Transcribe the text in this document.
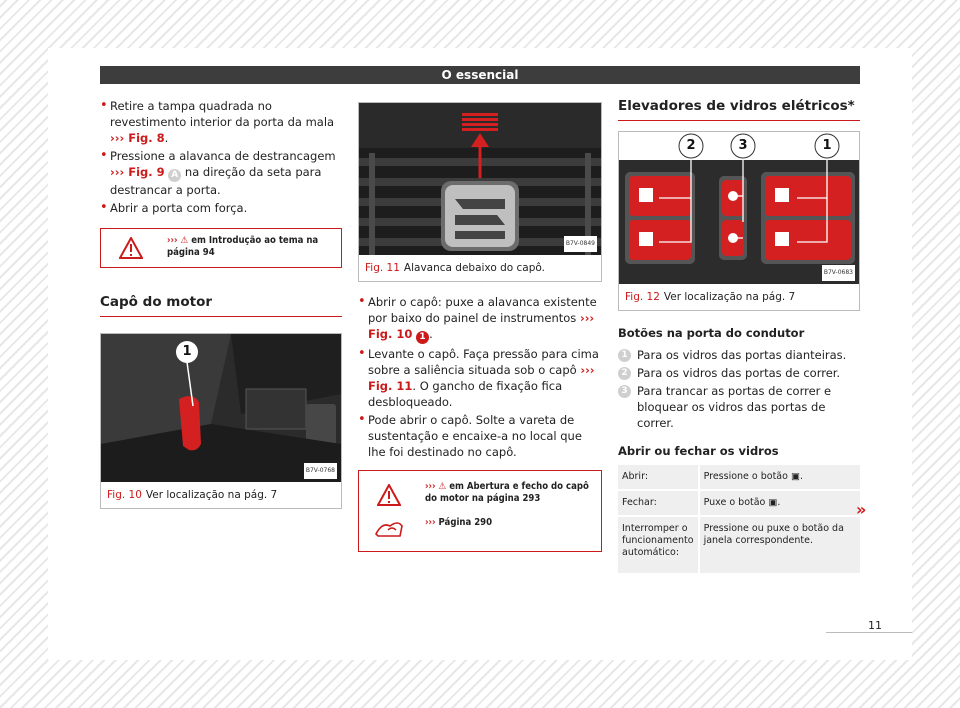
O essencial
• Retire a tampa quadrada no revestimento interior da porta da mala ››› Fig. 8.
• Pressione a alavanca de destrancagem ››› Fig. 9 A na direção da seta para destrancar a porta.
• Abrir a porta com força.

››› ⚠ em Introdução ao tema na página 94

Capô do motor
1
B7V-0768
Fig. 10 Ver localização na pág. 7
B7V-0849
Fig. 11 Alavanca debaixo do capô.
• Abrir o capô: puxe a alavanca existente por baixo do painel de instrumentos ››› Fig. 10 1 .
• Levante o capô. Faça pressão para cima sobre a saliência situada sob o capô ››› Fig. 11. O gancho de fixação fica desbloqueado.
• Pode abrir o capô. Solte a vareta de sustentação e encaixe-a no local que lhe foi destinado no capô.

››› ⚠ em Abertura e fecho do capô do motor na página 293

››› Página 290

Elevadores de vidros elétricos*
2	3	1
B7V-0683
Fig. 12 Ver localização na pág. 7
Botões na porta do condutor
1 Para os vidros das portas dianteiras.
2 Para os vidros das portas de correr.
3 Para trancar as portas de correr e bloquear os vidros das portas de correr.
Abrir ou fechar os vidros
Abrir:	Pressione o botão ▣.
Fechar:	Puxe o botão ▣.
Interromper o funcionamento automático:	Pressione ou puxe o botão da janela correspondente.
»
11
